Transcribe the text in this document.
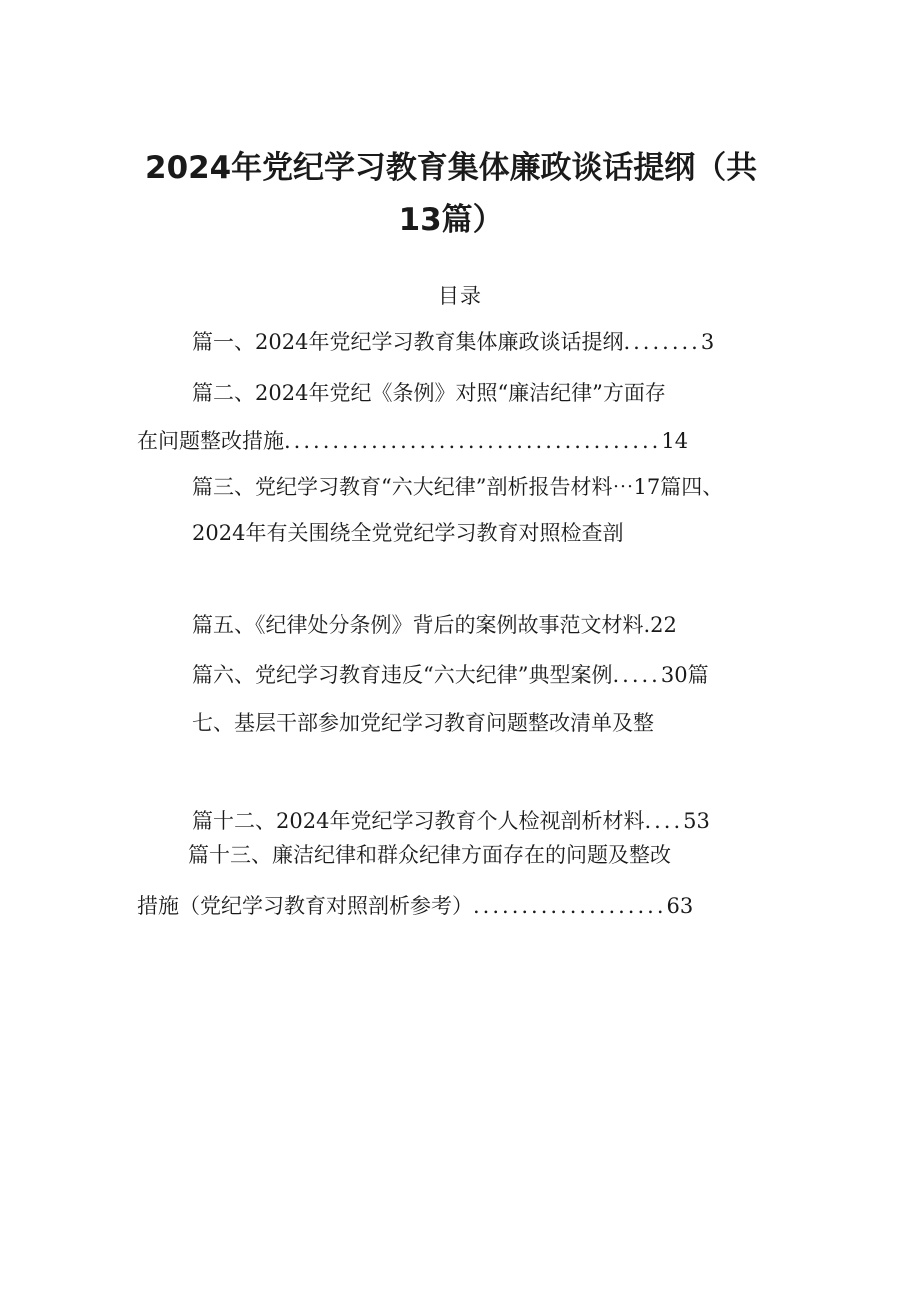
2024年党纪学习教育集体廉政谈话提纲（共
13篇）
目录
篇一、2024年党纪学习教育集体廉政谈话提纲........3
篇二、2024年党纪《条例》对照“廉洁纪律”方面存
在问题整改措施.......................................14
篇三、党纪学习教育“六大纪律”剖析报告材料⋯17篇四、
2024年有关围绕全党党纪学习教育对照检查剖
篇五、《纪律处分条例》背后的案例故事范文材料.22
篇六、党纪学习教育违反“六大纪律”典型案例.....30篇
七、基层干部参加党纪学习教育问题整改清单及整
篇十二、2024年党纪学习教育个人检视剖析材料....53
篇十三、廉洁纪律和群众纪律方面存在的问题及整改
措施（党纪学习教育对照剖析参考）....................63
